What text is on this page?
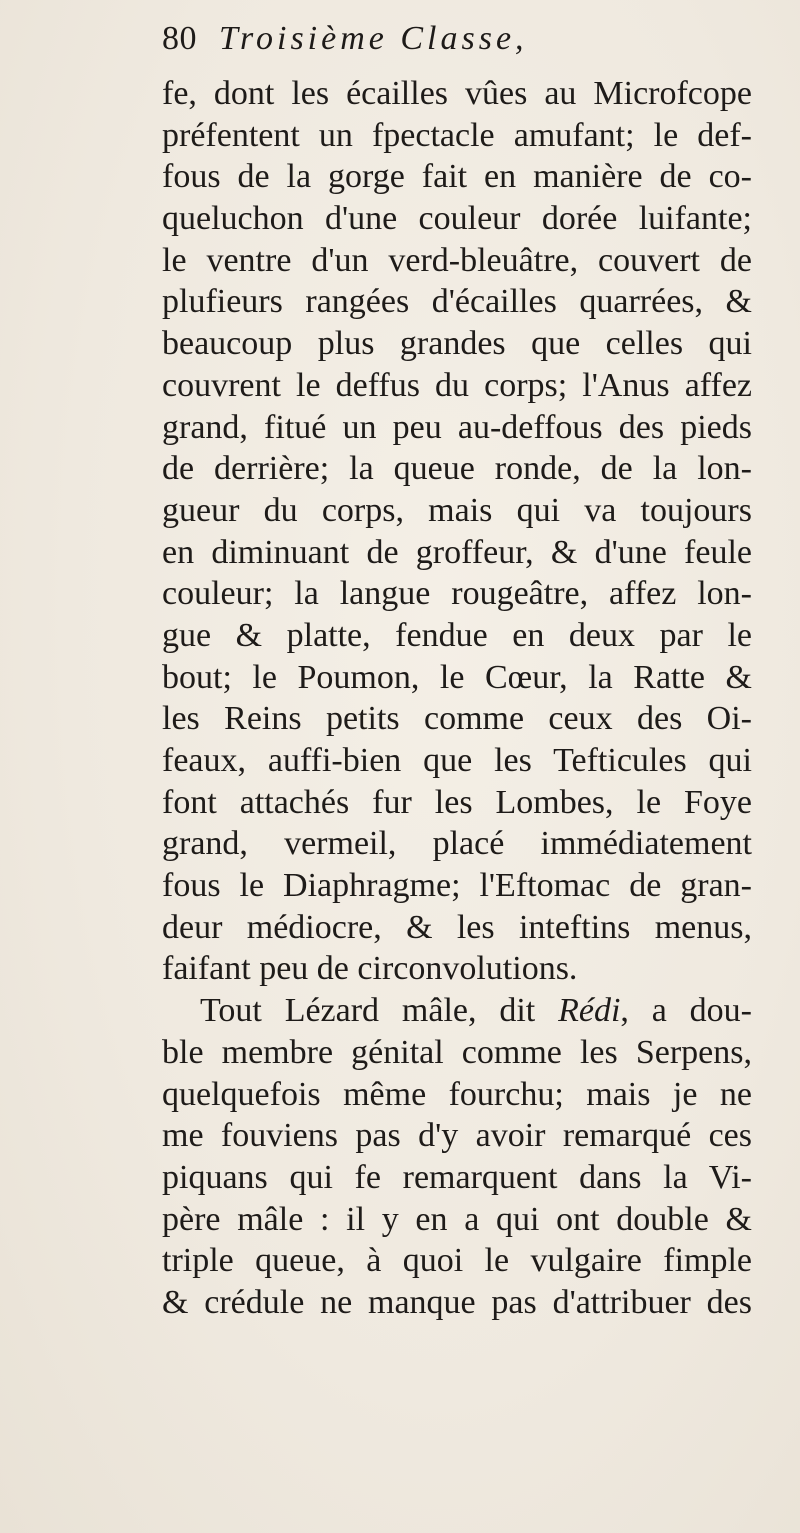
80 Troisième Classe,
fe, dont les écailles vûes au Microfcope
préfentent un fpectacle amufant; le def-
fous de la gorge fait en manière de co-
queluchon d'une couleur dorée luifante;
le ventre d'un verd-bleuâtre, couvert de
plufieurs rangées d'écailles quarrées, &
beaucoup plus grandes que celles qui
couvrent le deffus du corps; l'Anus affez
grand, fitué un peu au-deffous des pieds
de derrière; la queue ronde, de la lon-
gueur du corps, mais qui va toujours
en diminuant de groffeur, & d'une feule
couleur; la langue rougeâtre, affez lon-
gue & platte, fendue en deux par le
bout; le Poumon, le Cœur, la Ratte &
les Reins petits comme ceux des Oi-
feaux, auffi-bien que les Tefticules qui
font attachés fur les Lombes, le Foye
grand, vermeil, placé immédiatement
fous le Diaphragme; l'Eftomac de gran-
deur médiocre, & les inteftins menus,
faifant peu de circonvolutions.
Tout Lézard mâle, dit Rédi, a dou-
ble membre génital comme les Serpens,
quelquefois même fourchu; mais je ne
me fouviens pas d'y avoir remarqué ces
piquans qui fe remarquent dans la Vi-
père mâle : il y en a qui ont double &
triple queue, à quoi le vulgaire fimple
& crédule ne manque pas d'attribuer des
